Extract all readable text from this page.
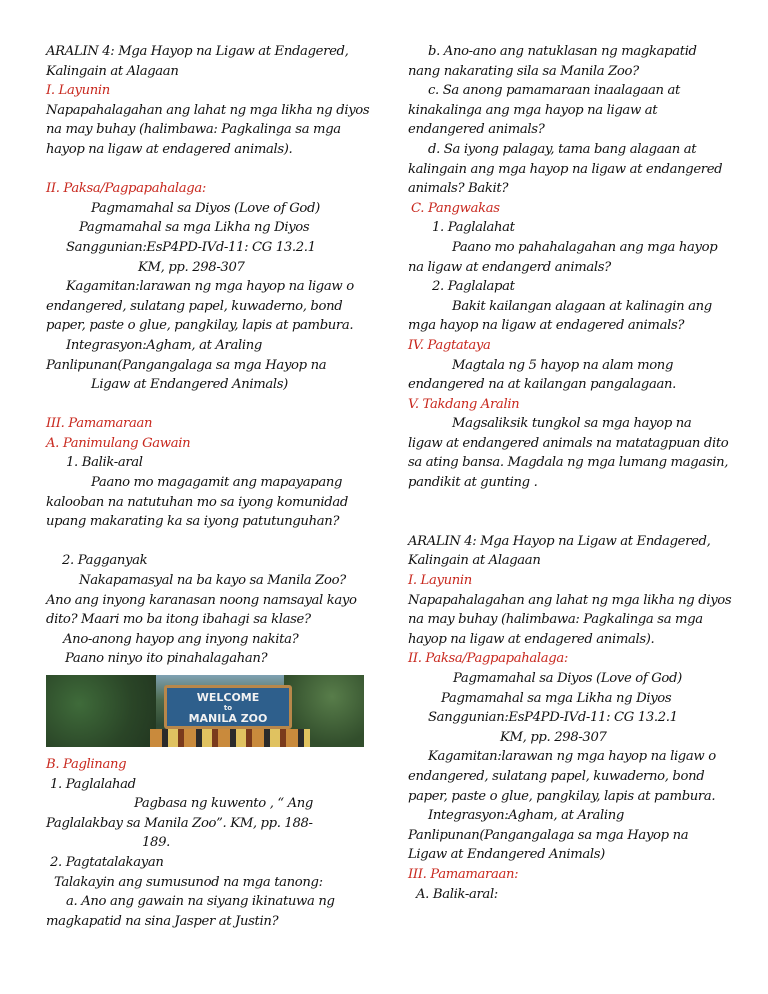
ARALIN 4: Mga Hayop na Ligaw at Endagered,
Kalingain at Alagaan
I. Layunin
Napapahalagahan ang lahat ng mga likha ng diyos
na may buhay (halimbawa: Pagkalinga sa mga
hayop na ligaw at endagered animals).
II. Paksa/Pagpapahalaga:
Pagmamahal sa Diyos (Love of God)
Pagmamahal sa mga Likha ng Diyos
Sanggunian:EsP4PD-IVd-11: CG 13.2.1
KM, pp. 298-307
Kagamitan:larawan ng mga hayop na ligaw o
endangered, sulatang papel, kuwaderno, bond
paper, paste o glue, pangkilay, lapis at pambura.
Integrasyon:Agham, at Araling
Panlipunan(Pangangalaga sa mga Hayop na
Ligaw at Endangered Animals)
III. Pamamaraan
A. Panimulang Gawain
1. Balik-aral
Paano mo magagamit ang mapayapang
kalooban na natutuhan mo sa iyong komunidad
upang makarating ka sa iyong patutunguhan?
2. Pagganyak
Nakapamasyal na ba kayo sa Manila Zoo?
Ano ang inyong karanasan noong namsayal kayo
dito? Maari mo ba itong ibahagi sa klase?
Ano-anong hayop ang inyong nakita?
Paano ninyo ito pinahalagahan?
WELCOME
to
MANILA ZOO
B. Paglinang
1. Paglalahad
Pagbasa ng kuwento , “ Ang
Paglalakbay sa Manila Zoo”. KM, pp. 188-
189.
2. Pagtatalakayan
Talakayin ang sumusunod na mga tanong:
a. Ano ang gawain na siyang ikinatuwa ng
magkapatid na sina Jasper at Justin?
b. Ano-ano ang natuklasan ng magkapatid
nang nakarating sila sa Manila Zoo?
c. Sa anong pamamaraan inaalagaan at
kinakalinga ang mga hayop na ligaw at
endangered animals?
d. Sa iyong palagay, tama bang alagaan at
kalingain ang mga hayop na ligaw at endangered
animals? Bakit?
C. Pangwakas
1. Paglalahat
Paano mo pahahalagahan ang mga hayop
na ligaw at endangerd animals?
2. Paglalapat
Bakit kailangan alagaan at kalinagin ang
mga hayop na ligaw at endagered animals?
IV. Pagtataya
Magtala ng 5 hayop na alam mong
endangered na at kailangan pangalagaan.
V. Takdang Aralin
Magsaliksik tungkol sa mga hayop na
ligaw at endangered animals na matatagpuan dito
sa ating bansa. Magdala ng mga lumang magasin,
pandikit at gunting .
ARALIN 4: Mga Hayop na Ligaw at Endagered,
Kalingain at Alagaan
I. Layunin
Napapahalagahan ang lahat ng mga likha ng diyos
na may buhay (halimbawa: Pagkalinga sa mga
hayop na ligaw at endagered animals).
II. Paksa/Pagpapahalaga:
Pagmamahal sa Diyos (Love of God)
Pagmamahal sa mga Likha ng Diyos
Sanggunian:EsP4PD-IVd-11: CG 13.2.1
KM, pp. 298-307
Kagamitan:larawan ng mga hayop na ligaw o
endangered, sulatang papel, kuwaderno, bond
paper, paste o glue, pangkilay, lapis at pambura.
Integrasyon:Agham, at Araling
Panlipunan(Pangangalaga sa mga Hayop na
Ligaw at Endangered Animals)
III. Pamamaraan:
A. Balik-aral:
